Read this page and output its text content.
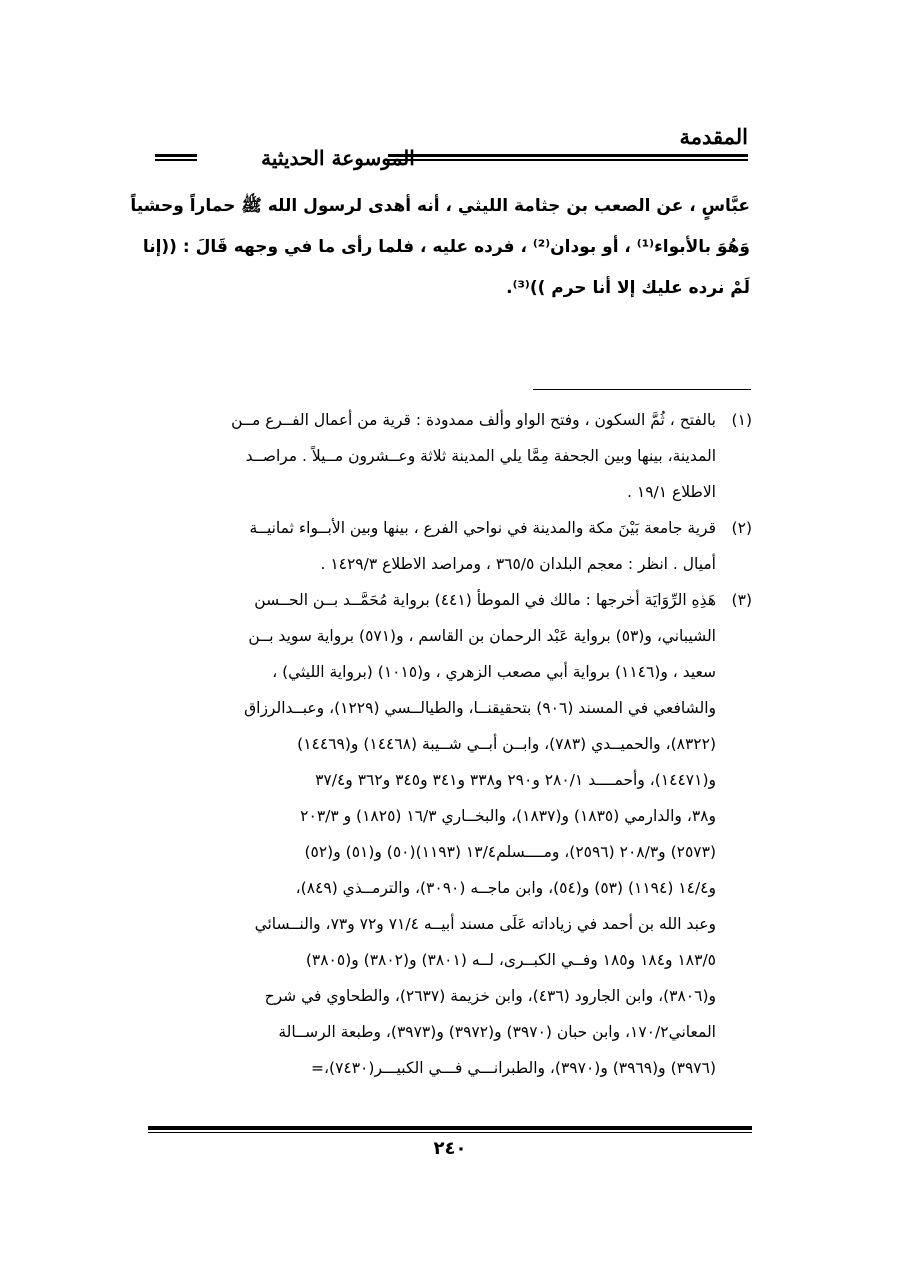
المقدمة
الموسوعة الحديثية

عبَّاسٍ ، عن الصعب بن جثامة الليثي ، أنه أهدى لرسول الله ﷺ حماراً وحشياً

وَهُوَ بالأبواء⁽¹⁾ ، أو بودان⁽²⁾ ، فرده عليه ، فلما رأى ما في وجهه قَالَ : ((إنا

لَمْ نرده عليك إلا أنا حرم ))⁽³⁾.

(١)
بالفتح ، ثُمَّ السكون ، وفتح الواو وألف ممدودة : قرية من أعمال الفــرع مــن
المدينة، بينها وبين الجحفة مِمَّا يلي المدينة ثلاثة وعــشرون مــيلاً . مراصــد
الاطلاع ١٩/١ .
(٢)
قرية جامعة بَيْنَ مكة والمدينة في نواحي الفرع ، بينها وبين الأبــواء ثمانيــة
أميال . انظر : معجم البلدان ٣٦٥/٥ ، ومراصد الاطلاع ١٤٢٩/٣ .
(٣)
هَذِهِ الرِّوَايَة أخرجها : مالك في الموطأ (٤٤١) برواية مُحَمَّــد بــن الحــسن
الشيباني، و(٥٣) برواية عَبْد الرحمان بن القاسم ، و(٥٧١) برواية سويد بــن
سعيد ، و(١١٤٦) برواية أبي مصعب الزهري ، و(١٠١٥) (برواية الليثي) ،
والشافعي في المسند (٩٠٦) بتحقيقنــا، والطيالــسي (١٢٢٩)، وعبــدالرزاق
(٨٣٢٢)، والحميــدي (٧٨٣)، وابــن أبــي شــيبة (١٤٤٦٨) و(١٤٤٦٩)
و(١٤٤٧١)، وأحمــــد ٢٨٠/١ و٢٩٠ و٣٣٨ و٣٤١ و٣٤٥ و٣٦٢ و٣٧/٤
و٣٨، والدارمي (١٨٣٥) و(١٨٣٧)، والبخــاري ١٦/٣ (١٨٢٥) و ٢٠٣/٣
(٢٥٧٣) و٢٠٨/٣ (٢٥٩٦)، ومــــسلم١٣/٤ (١١٩٣)(٥٠) و(٥١) و(٥٢)
و١٤/٤ (١١٩٤) (٥٣) و(٥٤)، وابن ماجــه (٣٠٩٠)، والترمــذي (٨٤٩)،
وعبد الله بن أحمد في زياداته عَلَى مسند أبيــه ٧١/٤ و٧٢ و٧٣، والنــسائي
١٨٣/٥ و١٨٤ و١٨٥ وفــي الكبــرى، لــه (٣٨٠١) و(٣٨٠٢) و(٣٨٠٥)
و(٣٨٠٦)، وابن الجارود (٤٣٦)، وابن خزيمة (٢٦٣٧)، والطحاوي في شرح
المعاني١٧٠/٢، وابن حبان (٣٩٧٠) و(٣٩٧٢) و(٣٩٧٣)، وطبعة الرســالة
(٣٩٧٦) و(٣٩٦٩) و(٣٩٧٠)، والطبرانـــي فـــي الكبيـــر(٧٤٣٠)،=
٢٤٠
